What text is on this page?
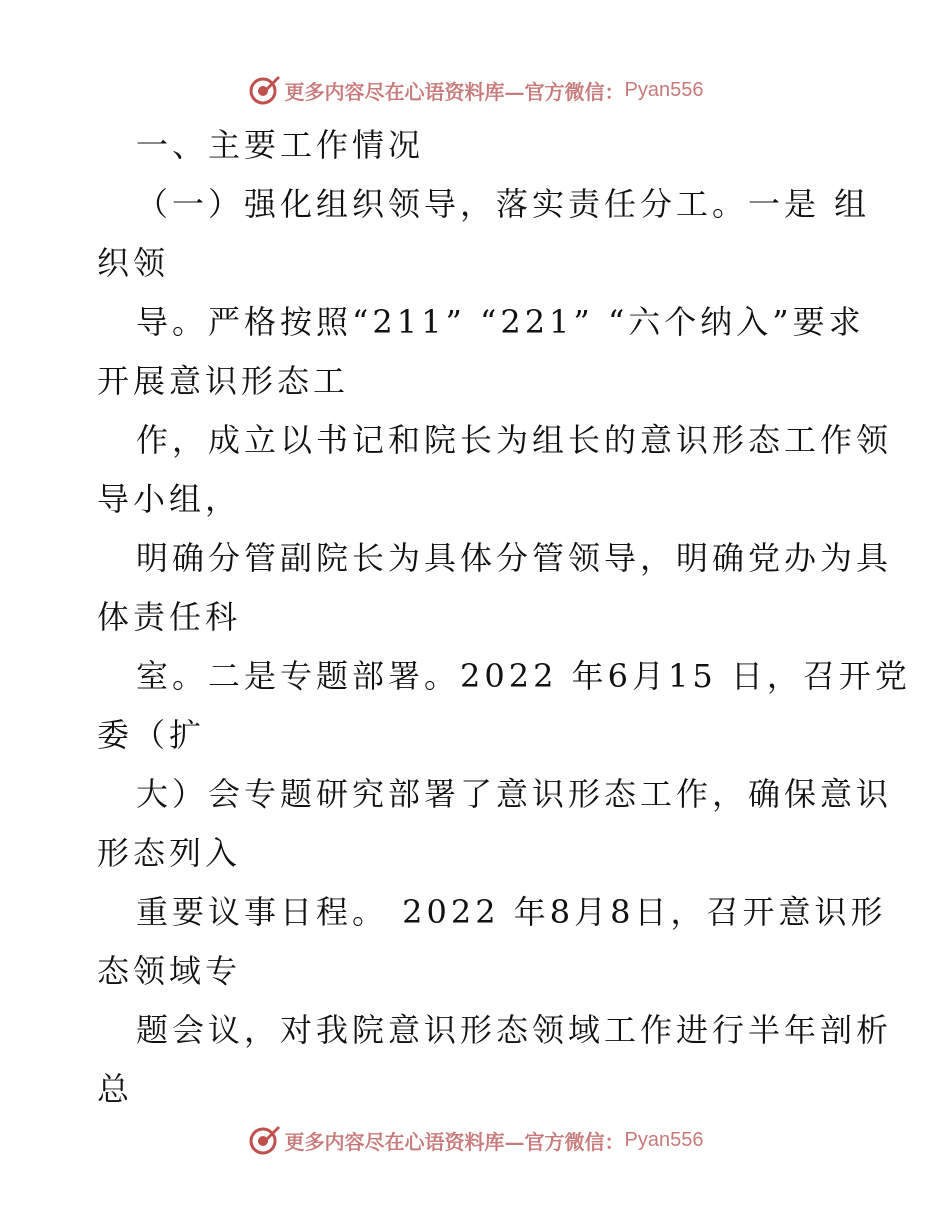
更多内容尽在心语资料库—官方微信： Pyan556
一、主要工作情况
（一）强化组织领导，落实责任分工。一是 组
织领
导。严格按照“211” “221” “六个纳入”要求
开展意识形态工
作，成立以书记和院长为组长的意识形态工作领
导小组，
明确分管副院长为具体分管领导，明确党办为具
体责任科
室。二是专题部署。2022 年6月15 日，召开党
委（扩
大）会专题研究部署了意识形态工作，确保意识
形态列入
重要议事日程。 2022 年8月8日，召开意识形
态领域专
题会议，对我院意识形态领域工作进行半年剖析
总
更多内容尽在心语资料库—官方微信： Pyan556
